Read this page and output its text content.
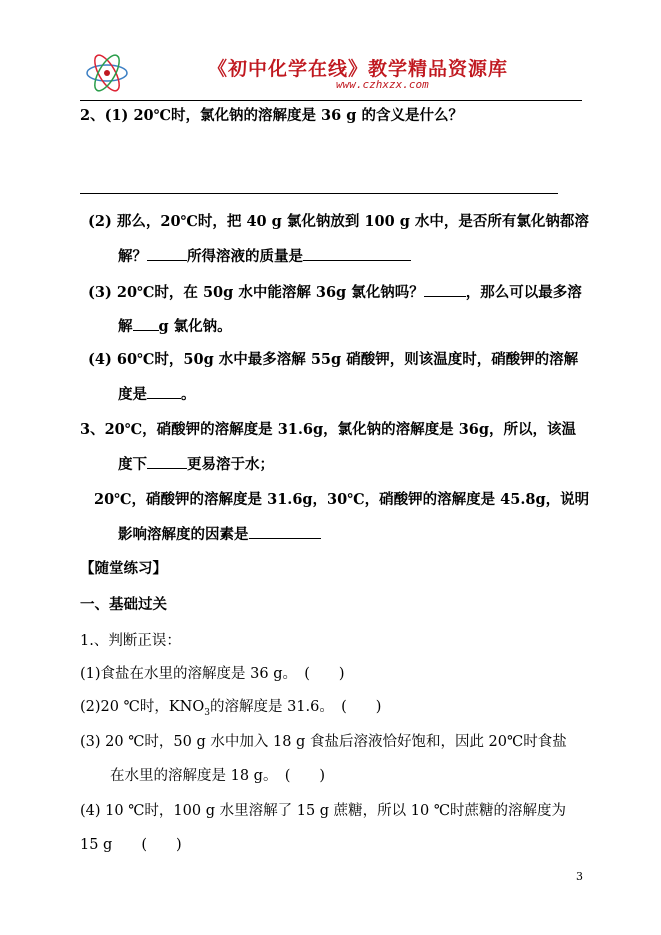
《初中化学在线》教学精品资源库
www.czhxzx.com
2、(1) 20℃时，氯化钠的溶解度是 36 g 的含义是什么？
(2) 那么，20℃时，把 40 g 氯化钠放到 100 g 水中，是否所有氯化钠都溶
解？	所得溶液的质量是
(3) 20℃时，在 50g 水中能溶解 36g 氯化钠吗？	，那么可以最多溶
解 g 氯化钠。
(4) 60℃时，50g 水中最多溶解 55g 硝酸钾，则该温度时，硝酸钾的溶解
度是 。
3、20℃，硝酸钾的溶解度是 31.6g，氯化钠的溶解度是 36g，所以，该温
度下	更易溶于水；
20℃，硝酸钾的溶解度是 31.6g，30℃，硝酸钾的溶解度是 45.8g，说明
影响溶解度的因素是
【随堂练习】
一、基础过关
1.、判断正误：
(1)食盐在水里的溶解度是 36 g。　(　　)
(2)20 ℃时，$KNO_3$的溶解度是 31.6。　(　　)
(3) 20 ℃时，50 g 水中加入 18 g 食盐后溶液恰好饱和，因此 20℃时食盐
在水里的溶解度是 18 g。　(　　)
(4) 10 ℃时，100 g 水里溶解了 15 g 蔗糖，所以 10 ℃时蔗糖的溶解度为
15 g　　(　　)
3
